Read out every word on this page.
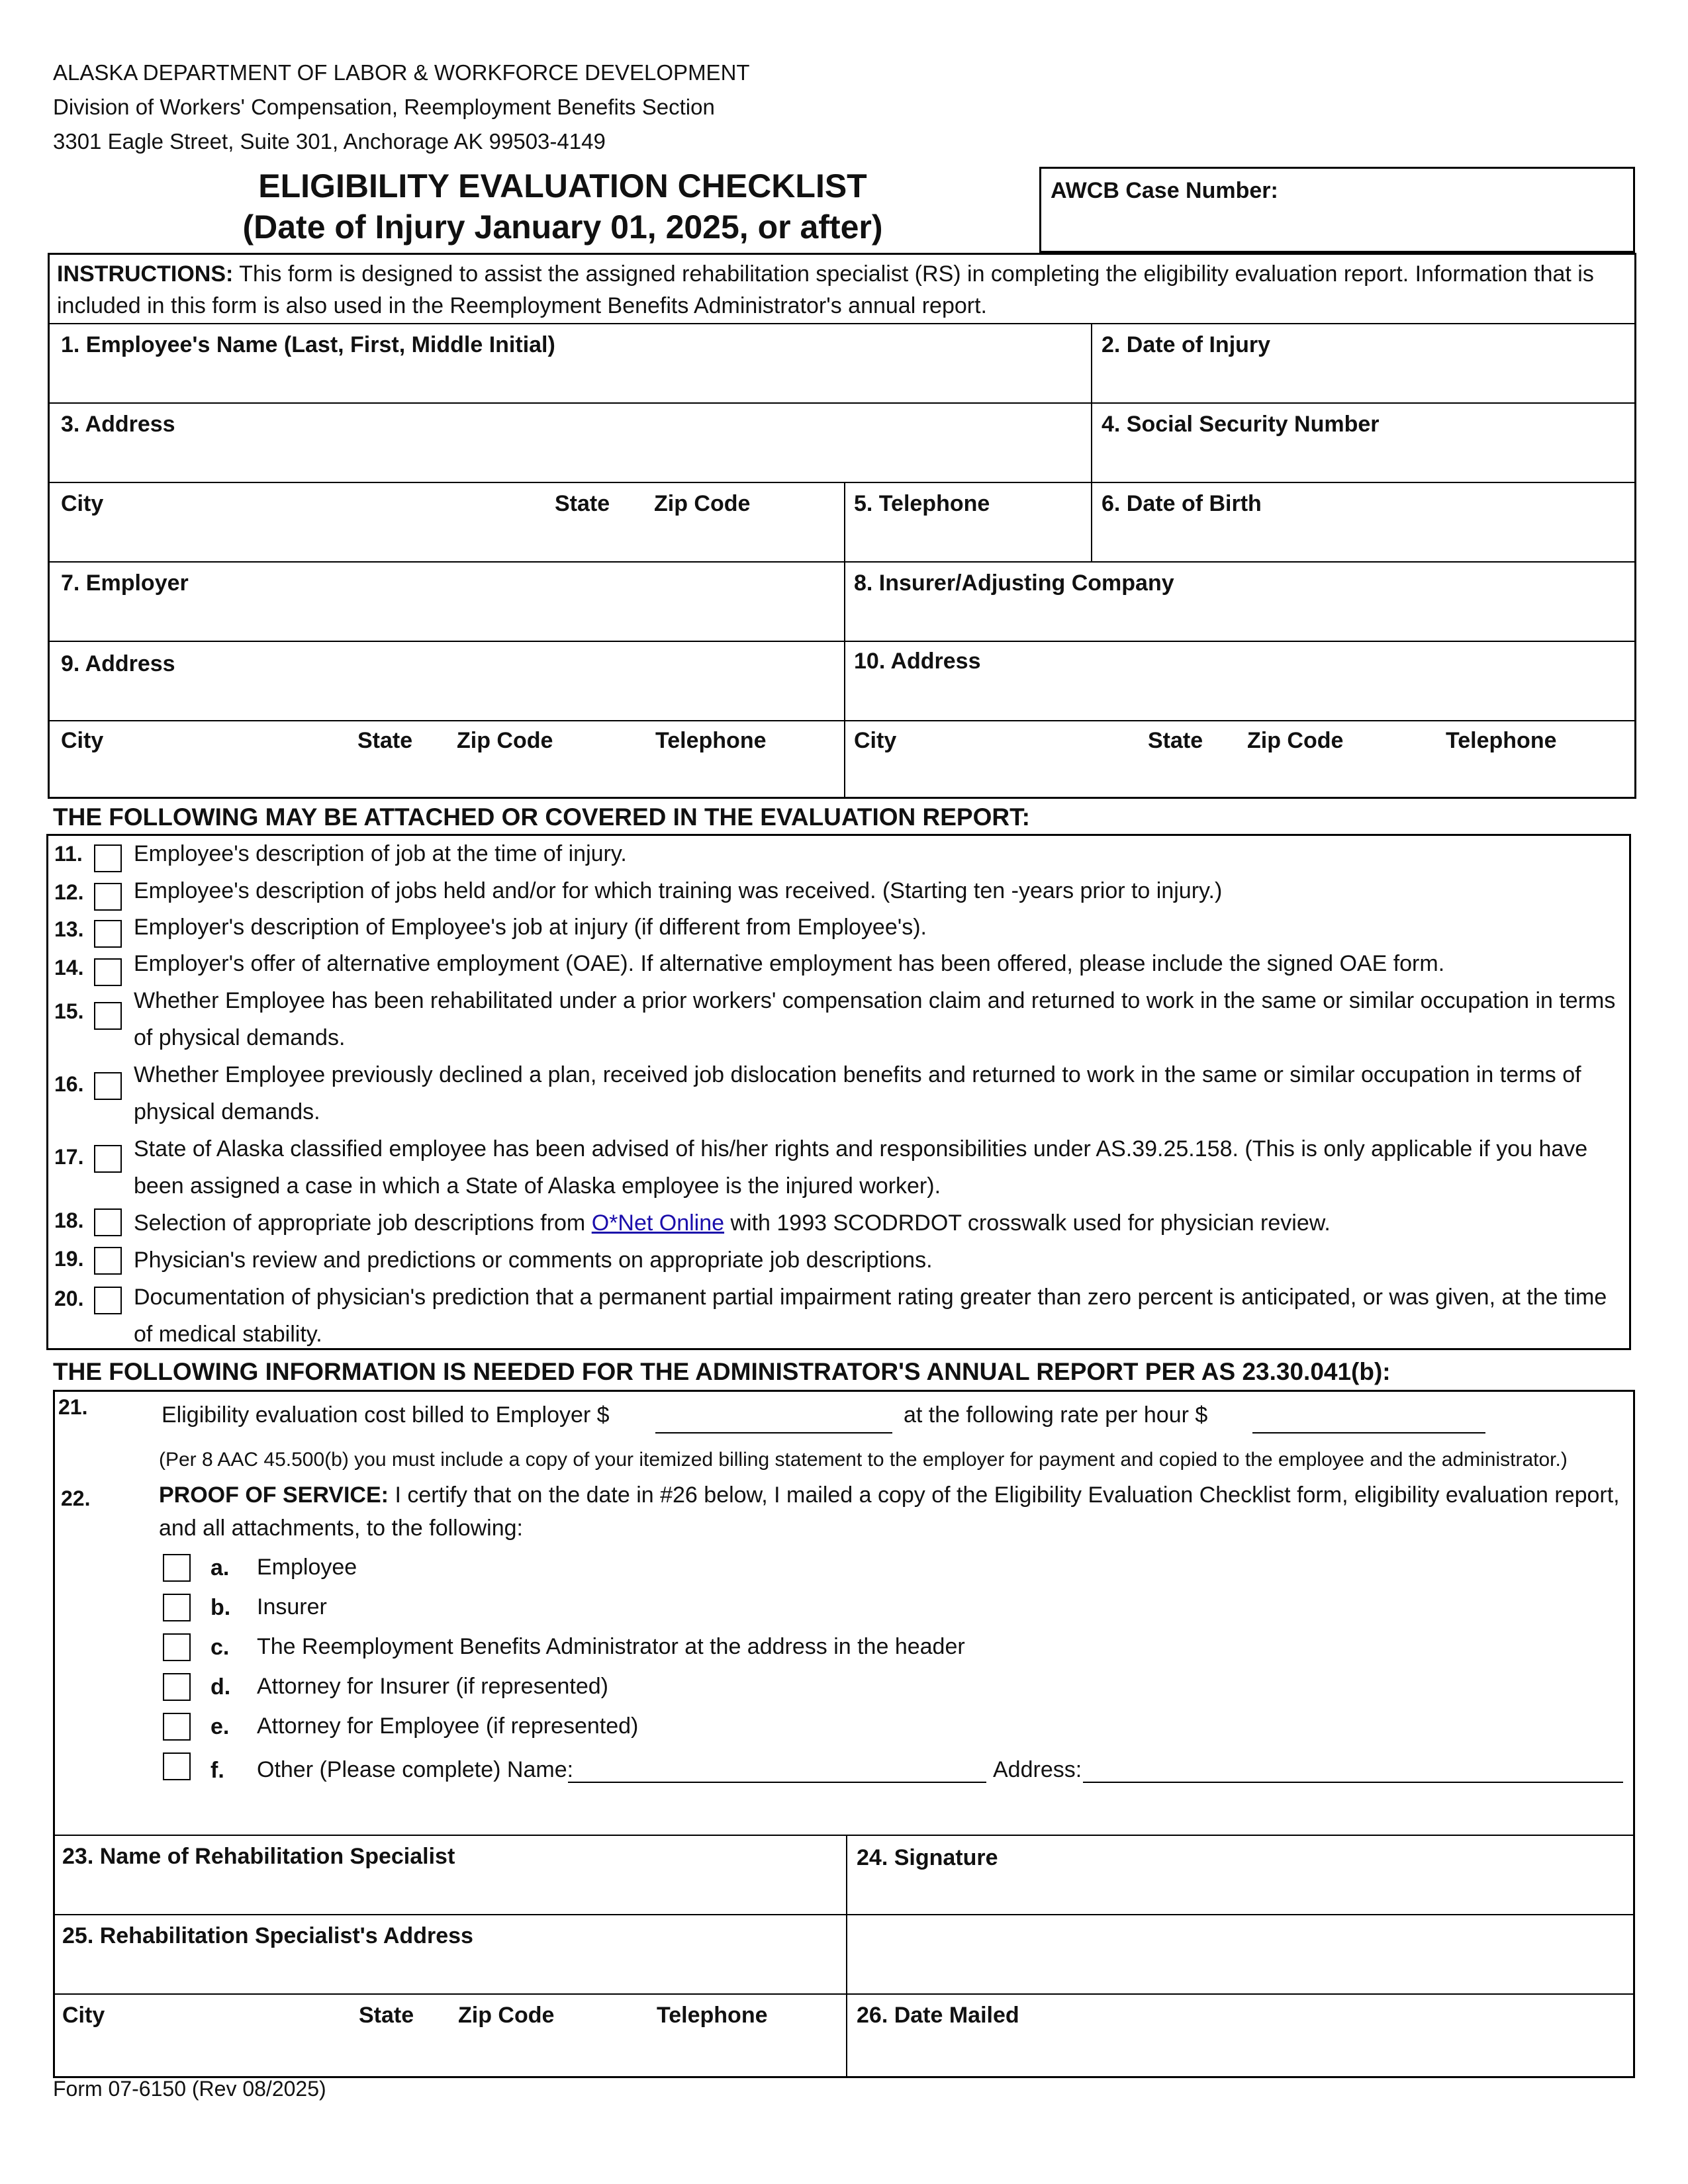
ALASKA DEPARTMENT OF LABOR & WORKFORCE DEVELOPMENT
Division of Workers' Compensation, Reemployment Benefits Section
3301 Eagle Street, Suite 301, Anchorage AK 99503-4149
ELIGIBILITY EVALUATION CHECKLIST
(Date of Injury January 01, 2025, or after)
AWCB Case Number:
INSTRUCTIONS: This form is designed to assist the assigned rehabilitation specialist (RS) in completing the eligibility evaluation report. Information that is included in this form is also used in the Reemployment Benefits Administrator's annual report.
1. Employee's Name (Last, First, Middle Initial)	2. Date of Injury
3. Address	4. Social Security Number
City	State Zip Code	5. Telephone	6. Date of Birth
7. Employer	8. Insurer/Adjusting Company
9. Address	10. Address
City	State Zip Code	Telephone	City	State Zip Code	Telephone
THE FOLLOWING MAY BE ATTACHED OR COVERED IN THE EVALUATION REPORT:
11. Employee's description of job at the time of injury.
12. Employee's description of jobs held and/or for which training was received. (Starting ten -years prior to injury.)
13. Employer's description of Employee's job at injury (if different from Employee's).
14. Employer's offer of alternative employment (OAE). If alternative employment has been offered, please include the signed OAE form.
15. Whether Employee has been rehabilitated under a prior workers' compensation claim and returned to work in the same or similar occupation in terms of physical demands.
16. Whether Employee previously declined a plan, received job dislocation benefits and returned to work in the same or similar occupation in terms of physical demands.
17. State of Alaska classified employee has been advised of his/her rights and responsibilities under AS.39.25.158. (This is only applicable if you have been assigned a case in which a State of Alaska employee is the injured worker).
18. Selection of appropriate job descriptions from O*Net Online with 1993 SCODRDOT crosswalk used for physician review.
19. Physician's review and predictions or comments on appropriate job descriptions.
20. Documentation of physician's prediction that a permanent partial impairment rating greater than zero percent is anticipated, or was given, at the time of medical stability.
THE FOLLOWING INFORMATION IS NEEDED FOR THE ADMINISTRATOR'S ANNUAL REPORT PER AS 23.30.041(b):
21.	Eligibility evaluation cost billed to Employer $	at the following rate per hour $
(Per 8 AAC 45.500(b) you must include a copy of your itemized billing statement to the employer for payment and copied to the employee and the administrator.)
22.	PROOF OF SERVICE: I certify that on the date in #26 below, I mailed a copy of the Eligibility Evaluation Checklist form, eligibility evaluation report, and all attachments, to the following:
a. Employee
b. Insurer
c. The Reemployment Benefits Administrator at the address in the header
d. Attorney for Insurer (if represented)
e. Attorney for Employee (if represented)
f. Other (Please complete) Name:	Address:
23. Name of Rehabilitation Specialist	24. Signature
25. Rehabilitation Specialist's Address
City	State Zip Code	Telephone	26. Date Mailed
Form 07-6150 (Rev 08/2025)
